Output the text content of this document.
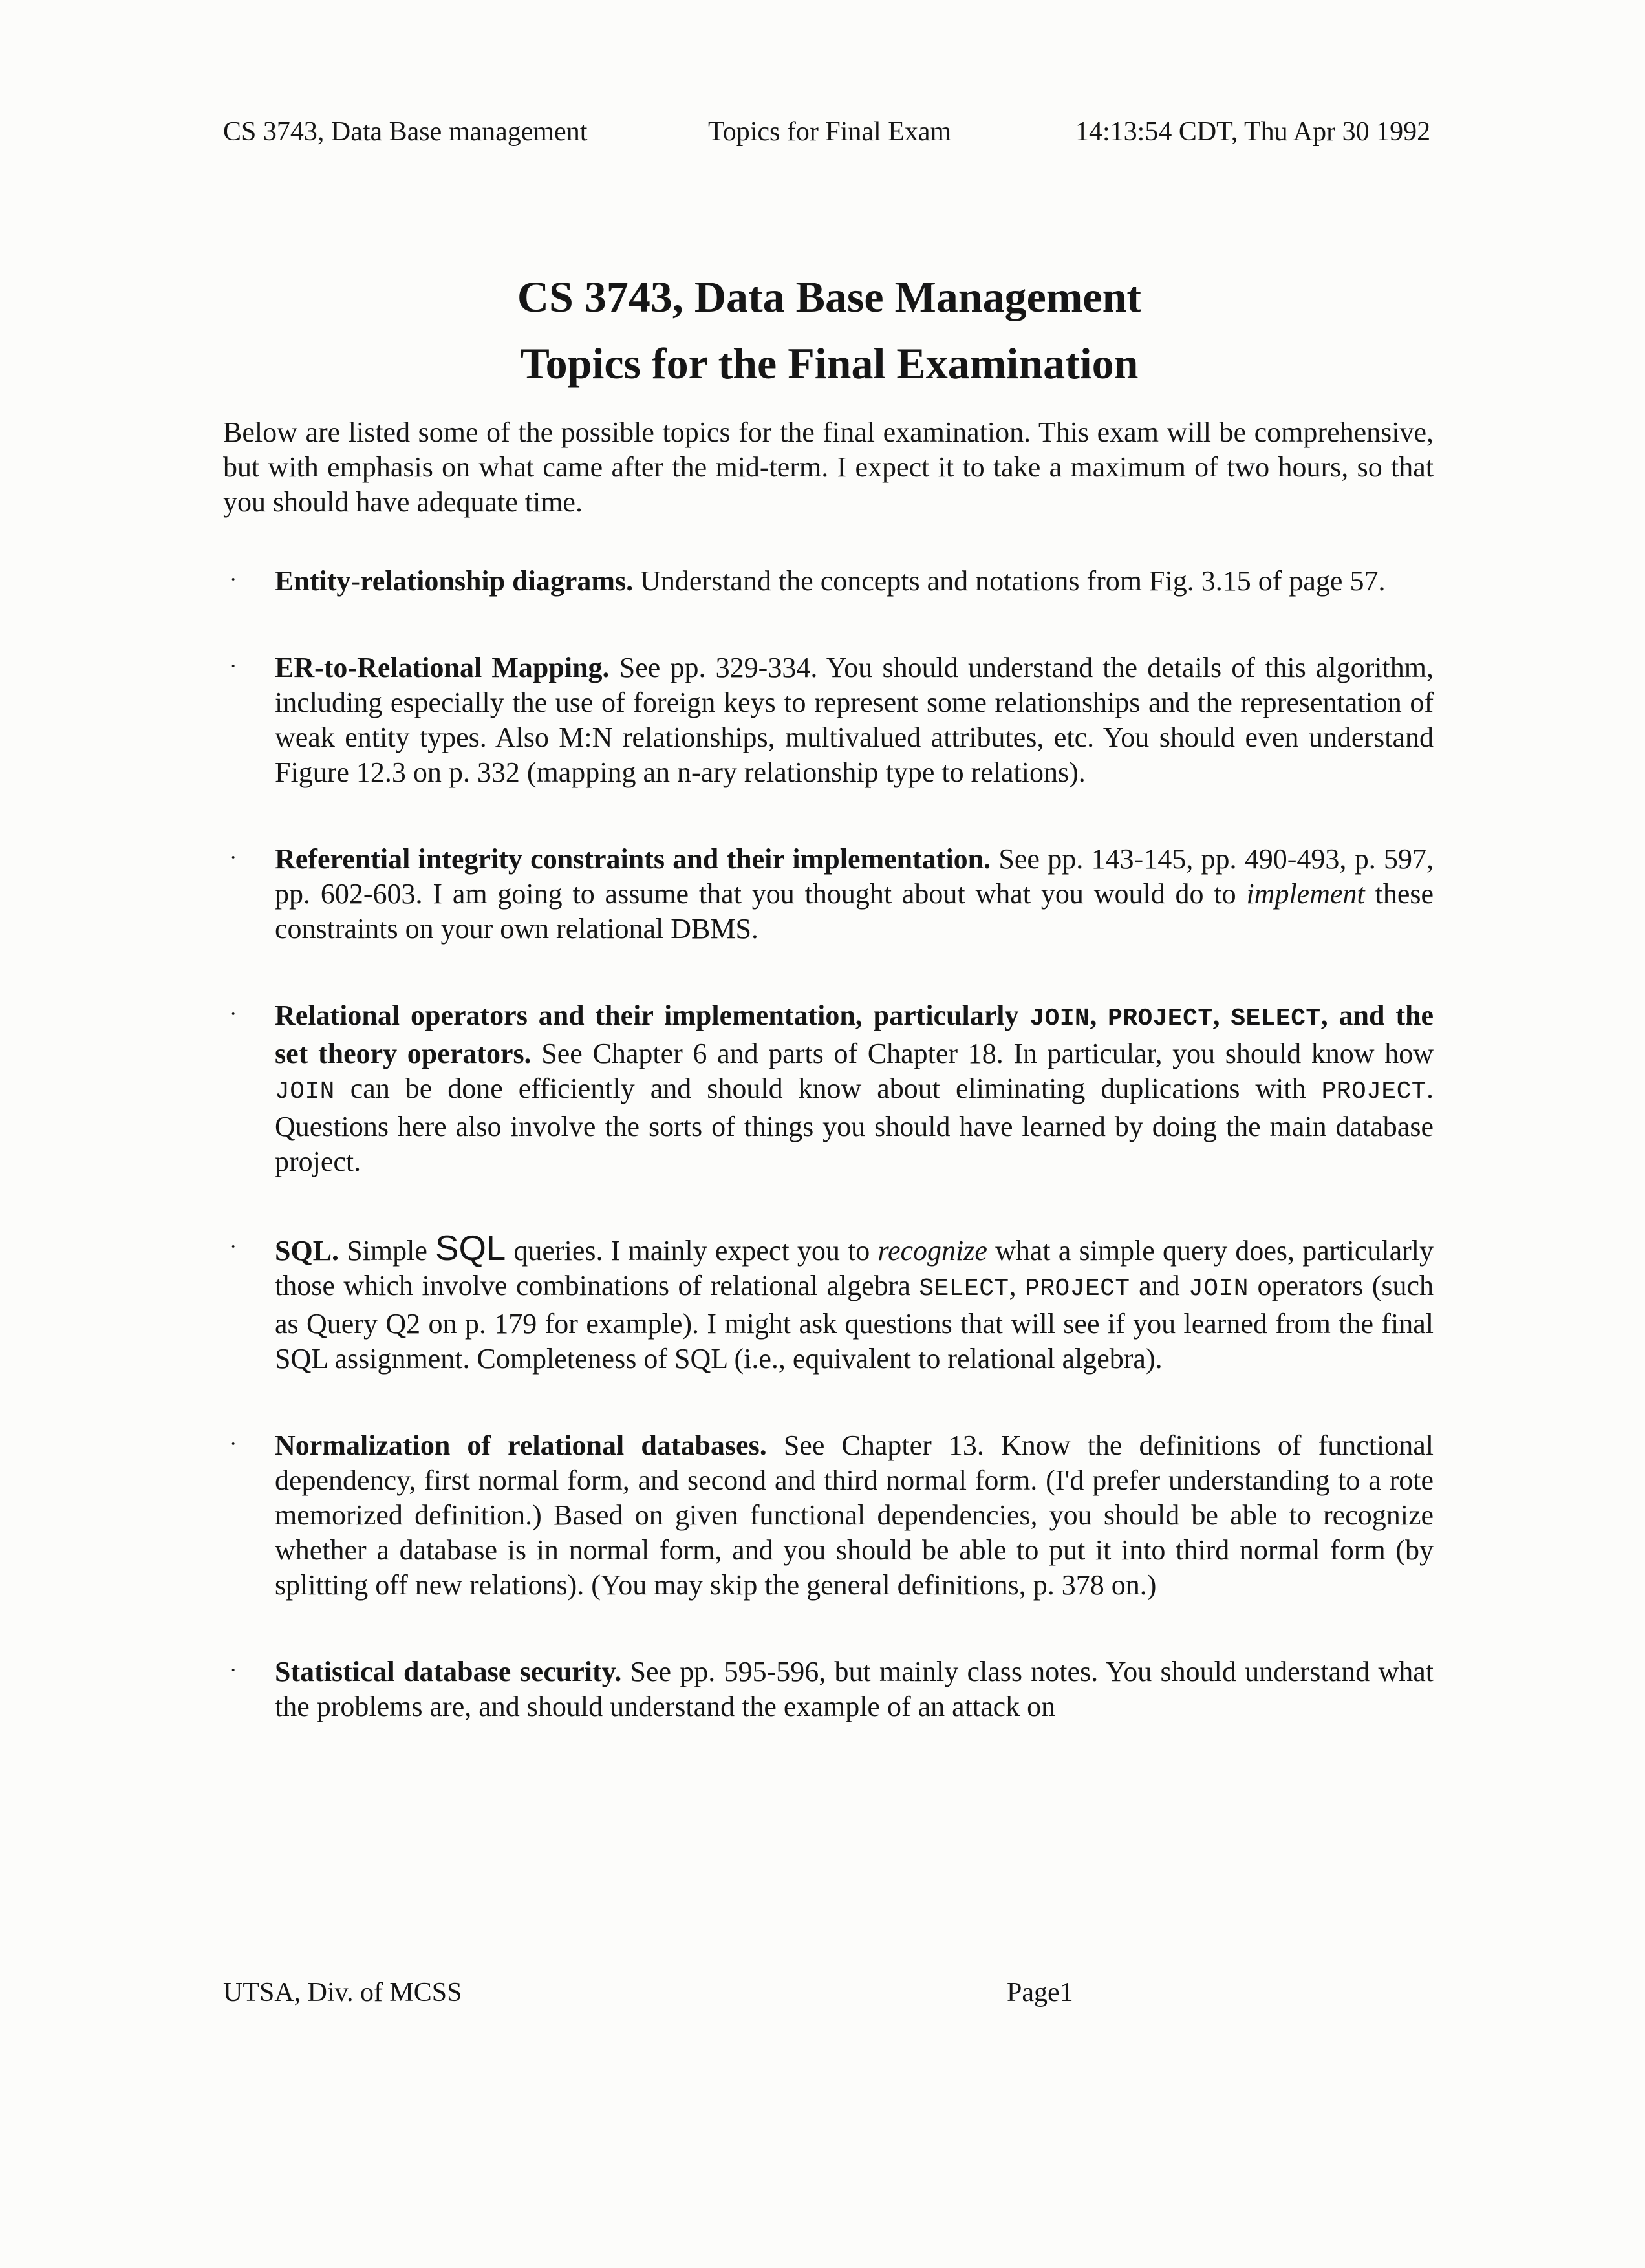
CS 3743, Data Base management	Topics for Final Exam	14:13:54 CDT, Thu Apr 30 1992
CS 3743, Data Base Management
Topics for the Final Examination

Below are listed some of the possible topics for the final examination. This exam will be comprehensive, but with emphasis on what came after the mid-term. I expect it to take a maximum of two hours, so that you should have adequate time.

· Entity-relationship diagrams. Understand the concepts and notations from Fig. 3.15 of page 57.

· ER-to-Relational Mapping. See pp. 329-334. You should understand the details of this algorithm, including especially the use of foreign keys to represent some relationships and the representation of weak entity types. Also M:N relationships, multivalued attributes, etc. You should even understand Figure 12.3 on p. 332 (mapping an n-ary relationship type to relations).

· Referential integrity constraints and their implementation. See pp. 143-145, pp. 490-493, p. 597, pp. 602-603. I am going to assume that you thought about what you would do to implement these constraints on your own relational DBMS.

· Relational operators and their implementation, particularly JOIN, PROJECT, SELECT, and the set theory operators. See Chapter 6 and parts of Chapter 18. In particular, you should know how JOIN can be done efficiently and should know about eliminating duplications with PROJECT. Questions here also involve the sorts of things you should have learned by doing the main database project.

· SQL. Simple SQL queries. I mainly expect you to recognize what a simple query does, particularly those which involve combinations of relational algebra SELECT, PROJECT and JOIN operators (such as Query Q2 on p. 179 for example). I might ask questions that will see if you learned from the final SQL assignment. Completeness of SQL (i.e., equivalent to relational algebra).

· Normalization of relational databases. See Chapter 13. Know the definitions of functional dependency, first normal form, and second and third normal form. (I'd prefer understanding to a rote memorized definition.) Based on given functional dependencies, you should be able to recognize whether a database is in normal form, and you should be able to put it into third normal form (by splitting off new relations). (You may skip the general definitions, p. 378 on.)

· Statistical database security. See pp. 595-596, but mainly class notes. You should understand what the problems are, and should understand the example of an attack on

UTSA, Div. of MCSS	Page1
